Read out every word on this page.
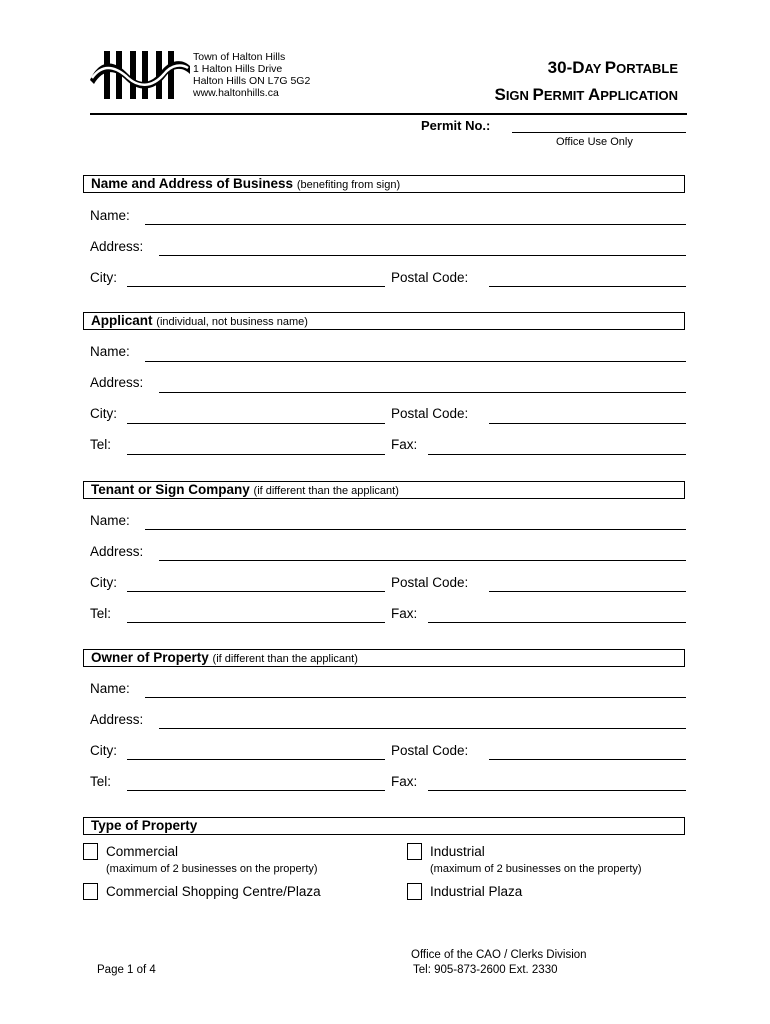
Town of Halton Hills
1 Halton Hills Drive
Halton Hills ON L7G 5G2
www.haltonhills.ca
30-DAY PORTABLE
SIGN PERMIT APPLICATION
Permit No.:
Office Use Only
Name and Address of Business (benefiting from sign)
Name:
Address:
City:	Postal Code:
Applicant (individual, not business name)
Name:
Address:
City:	Postal Code:
Tel:	Fax:
Tenant or Sign Company (if different than the applicant)
Name:
Address:
City:	Postal Code:
Tel:	Fax:
Owner of Property (if different than the applicant)
Name:
Address:
City:	Postal Code:
Tel:	Fax:
Type of Property
Commercial
(maximum of 2 businesses on the property)
Industrial
(maximum of 2 businesses on the property)
Commercial Shopping Centre/Plaza	Industrial Plaza
Page 1 of 4
Office of the CAO / Clerks Division
Tel: 905-873-2600 Ext. 2330
